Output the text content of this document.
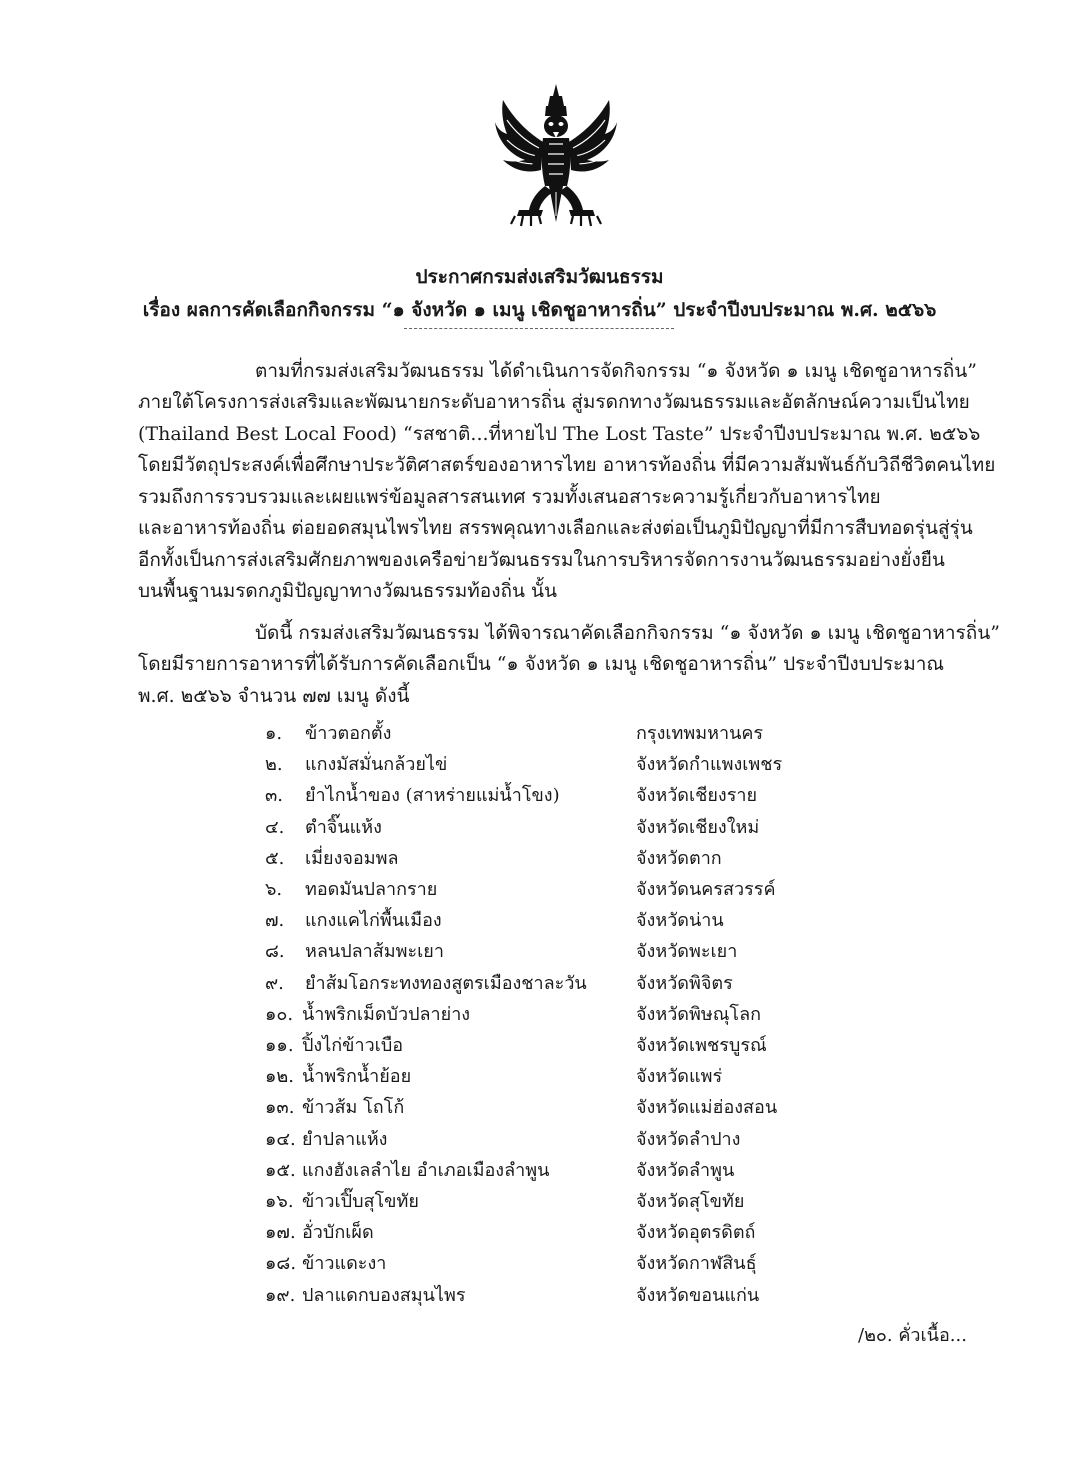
ประกาศกรมส่งเสริมวัฒนธรรม
เรื่อง ผลการคัดเลือกกิจกรรม “๑ จังหวัด ๑ เมนู เชิดชูอาหารถิ่น” ประจำปีงบประมาณ พ.ศ. ๒๕๖๖
ตามที่กรมส่งเสริมวัฒนธรรม ได้ดำเนินการจัดกิจกรรม “๑ จังหวัด ๑ เมนู เชิดชูอาหารถิ่น”
ภายใต้โครงการส่งเสริมและพัฒนายกระดับอาหารถิ่น สู่มรดกทางวัฒนธรรมและอัตลักษณ์ความเป็นไทย
(Thailand Best Local Food) “รสชาติ...ที่หายไป The Lost Taste” ประจำปีงบประมาณ พ.ศ. ๒๕๖๖
โดยมีวัตถุประสงค์เพื่อศึกษาประวัติศาสตร์ของอาหารไทย อาหารท้องถิ่น ที่มีความสัมพันธ์กับวิถีชีวิตคนไทย
รวมถึงการรวบรวมและเผยแพร่ข้อมูลสารสนเทศ รวมทั้งเสนอสาระความรู้เกี่ยวกับอาหารไทย
และอาหารท้องถิ่น ต่อยอดสมุนไพรไทย สรรพคุณทางเลือกและส่งต่อเป็นภูมิปัญญาที่มีการสืบทอดรุ่นสู่รุ่น
อีกทั้งเป็นการส่งเสริมศักยภาพของเครือข่ายวัฒนธรรมในการบริหารจัดการงานวัฒนธรรมอย่างยั่งยืน
บนพื้นฐานมรดกภูมิปัญญาทางวัฒนธรรมท้องถิ่น นั้น
บัดนี้ กรมส่งเสริมวัฒนธรรม ได้พิจารณาคัดเลือกกิจกรรม “๑ จังหวัด ๑ เมนู เชิดชูอาหารถิ่น”
โดยมีรายการอาหารที่ได้รับการคัดเลือกเป็น “๑ จังหวัด ๑ เมนู เชิดชูอาหารถิ่น” ประจำปีงบประมาณ
พ.ศ. ๒๕๖๖ จำนวน ๗๗ เมนู ดังนี้
๑. ข้าวตอกตั้ง	กรุงเทพมหานคร
๒. แกงมัสมั่นกล้วยไข่	จังหวัดกำแพงเพชร
๓. ยำไกน้ำของ (สาหร่ายแม่น้ำโขง)	จังหวัดเชียงราย
๔. ตำจิ๊นแห้ง	จังหวัดเชียงใหม่
๕. เมี่ยงจอมพล	จังหวัดตาก
๖. ทอดมันปลากราย	จังหวัดนครสวรรค์
๗. แกงแคไก่พื้นเมือง	จังหวัดน่าน
๘. หลนปลาส้มพะเยา	จังหวัดพะเยา
๙. ยำส้มโอกระทงทองสูตรเมืองชาละวัน	จังหวัดพิจิตร
๑๐. น้ำพริกเม็ดบัวปลาย่าง	จังหวัดพิษณุโลก
๑๑. ปิ้งไก่ข้าวเบือ	จังหวัดเพชรบูรณ์
๑๒. น้ำพริกน้ำย้อย	จังหวัดแพร่
๑๓. ข้าวส้ม โถโก้	จังหวัดแม่ฮ่องสอน
๑๔. ยำปลาแห้ง	จังหวัดลำปาง
๑๕. แกงฮังเลลำไย อำเภอเมืองลำพูน	จังหวัดลำพูน
๑๖. ข้าวเปิ๊บสุโขทัย	จังหวัดสุโขทัย
๑๗. อั่วบักเผ็ด	จังหวัดอุตรดิตถ์
๑๘. ข้าวแดะงา	จังหวัดกาฬสินธุ์
๑๙. ปลาแดกบองสมุนไพร	จังหวัดขอนแก่น
/๒๐. คั่วเนื้อ...
